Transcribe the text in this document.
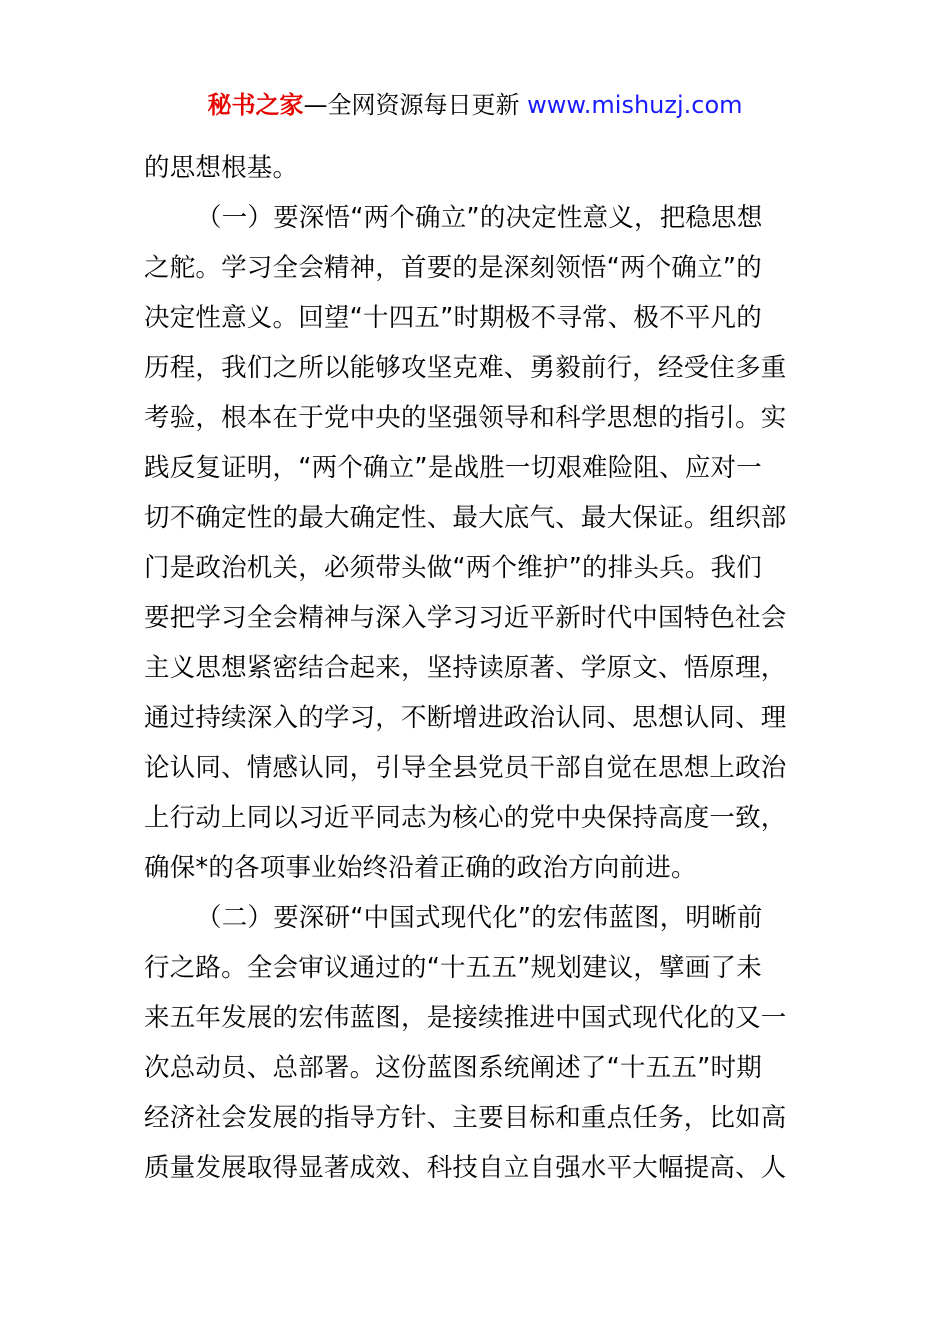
秘书之家—全网资源每日更新 www.mishuzj.com
的思想根基。
（一）要深悟“两个确立”的决定性意义，把稳思想
之舵。学习全会精神，首要的是深刻领悟“两个确立”的
决定性意义。回望“十四五”时期极不寻常、极不平凡的
历程，我们之所以能够攻坚克难、勇毅前行，经受住多重
考验，根本在于党中央的坚强领导和科学思想的指引。实
践反复证明，“两个确立”是战胜一切艰难险阻、应对一
切不确定性的最大确定性、最大底气、最大保证。组织部
门是政治机关，必须带头做“两个维护”的排头兵。我们
要把学习全会精神与深入学习习近平新时代中国特色社会
主义思想紧密结合起来，坚持读原著、学原文、悟原理，
通过持续深入的学习，不断增进政治认同、思想认同、理
论认同、情感认同，引导全县党员干部自觉在思想上政治
上行动上同以习近平同志为核心的党中央保持高度一致，
确保*的各项事业始终沿着正确的政治方向前进。
（二）要深研“中国式现代化”的宏伟蓝图，明晰前
行之路。全会审议通过的“十五五”规划建议，擘画了未
来五年发展的宏伟蓝图，是接续推进中国式现代化的又一
次总动员、总部署。这份蓝图系统阐述了“十五五”时期
经济社会发展的指导方针、主要目标和重点任务，比如高
质量发展取得显著成效、科技自立自强水平大幅提高、人
